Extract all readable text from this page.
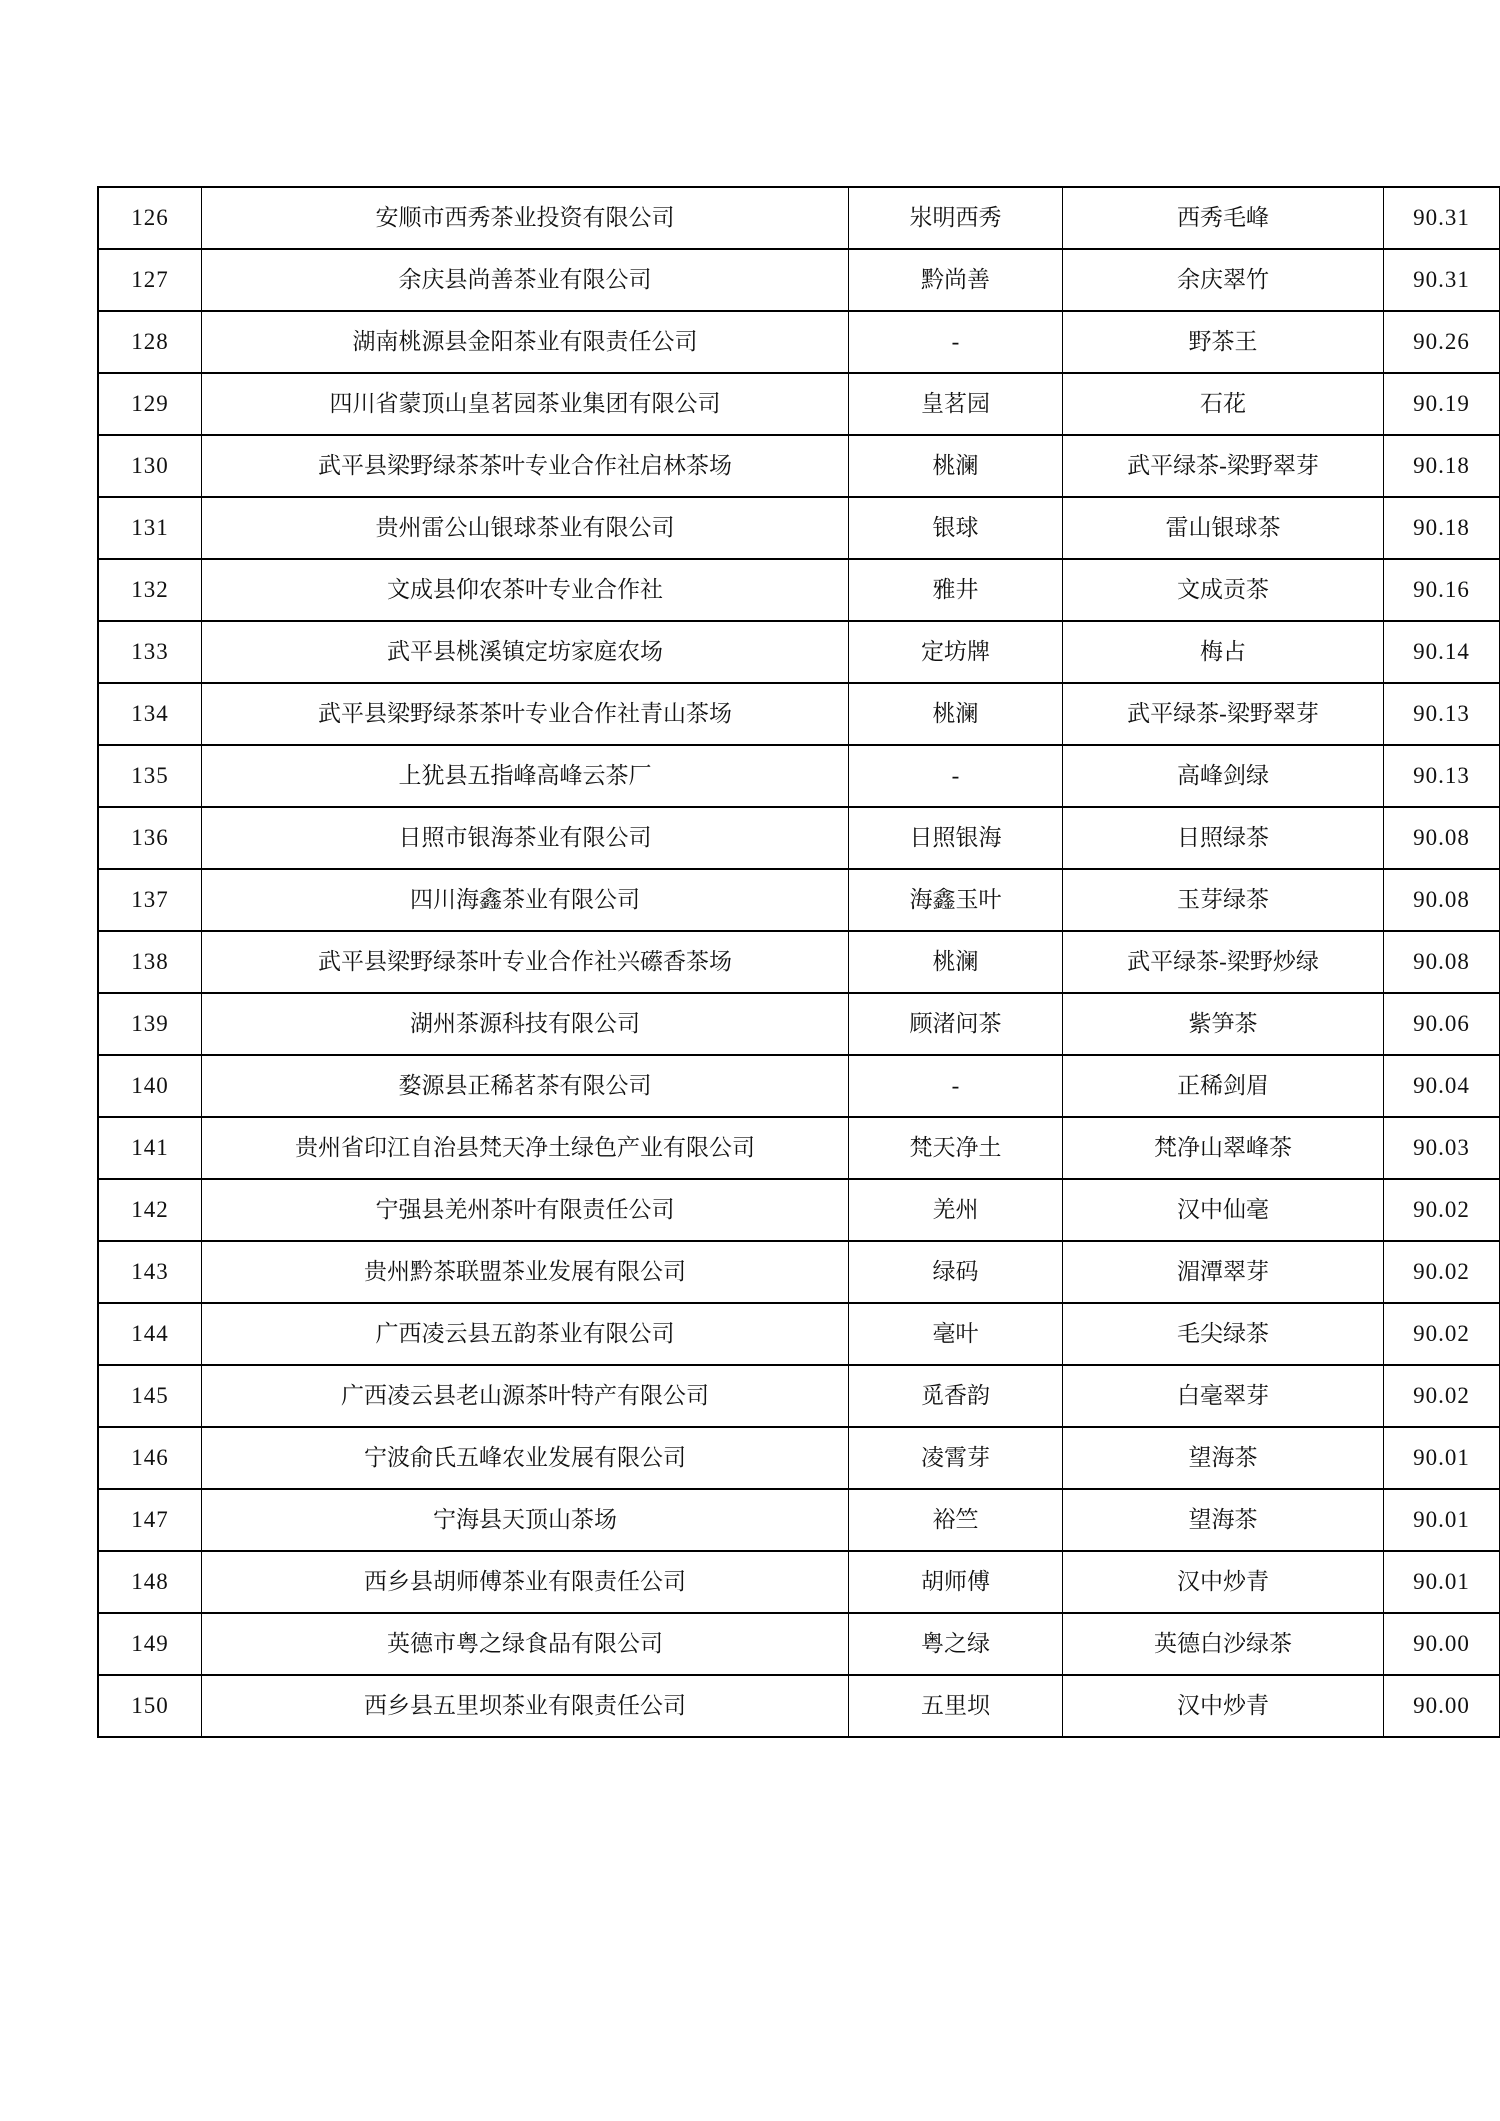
126	安顺市西秀茶业投资有限公司	汖明西秀	西秀毛峰	90.31
127	余庆县尚善茶业有限公司	黔尚善	余庆翠竹	90.31
128	湖南桃源县金阳茶业有限责任公司	-	野茶王	90.26
129	四川省蒙顶山皇茗园茶业集团有限公司	皇茗园	石花	90.19
130	武平县梁野绿茶茶叶专业合作社启林茶场	桃澜	武平绿茶-梁野翠芽	90.18
131	贵州雷公山银球茶业有限公司	银球	雷山银球茶	90.18
132	文成县仰农茶叶专业合作社	雅井	文成贡茶	90.16
133	武平县桃溪镇定坊家庭农场	定坊牌	梅占	90.14
134	武平县梁野绿茶茶叶专业合作社青山茶场	桃澜	武平绿茶-梁野翠芽	90.13
135	上犹县五指峰高峰云茶厂	-	高峰剑绿	90.13
136	日照市银海茶业有限公司	日照银海	日照绿茶	90.08
137	四川海鑫茶业有限公司	海鑫玉叶	玉芽绿茶	90.08
138	武平县梁野绿茶叶专业合作社兴礤香茶场	桃澜	武平绿茶-梁野炒绿	90.08
139	湖州茶源科技有限公司	顾渚问茶	紫笋茶	90.06
140	婺源县正稀茗茶有限公司	-	正稀剑眉	90.04
141	贵州省印江自治县梵天净土绿色产业有限公司	梵天净土	梵净山翠峰茶	90.03
142	宁强县羌州茶叶有限责任公司	羌州	汉中仙毫	90.02
143	贵州黔茶联盟茶业发展有限公司	绿码	湄潭翠芽	90.02
144	广西凌云县五韵茶业有限公司	毫叶	毛尖绿茶	90.02
145	广西凌云县老山源茶叶特产有限公司	觅香韵	白毫翠芽	90.02
146	宁波俞氏五峰农业发展有限公司	凌霄芽	望海茶	90.01
147	宁海县天顶山茶场	裕竺	望海茶	90.01
148	西乡县胡师傅茶业有限责任公司	胡师傅	汉中炒青	90.01
149	英德市粤之绿食品有限公司	粤之绿	英德白沙绿茶	90.00
150	西乡县五里坝茶业有限责任公司	五里坝	汉中炒青	90.00
